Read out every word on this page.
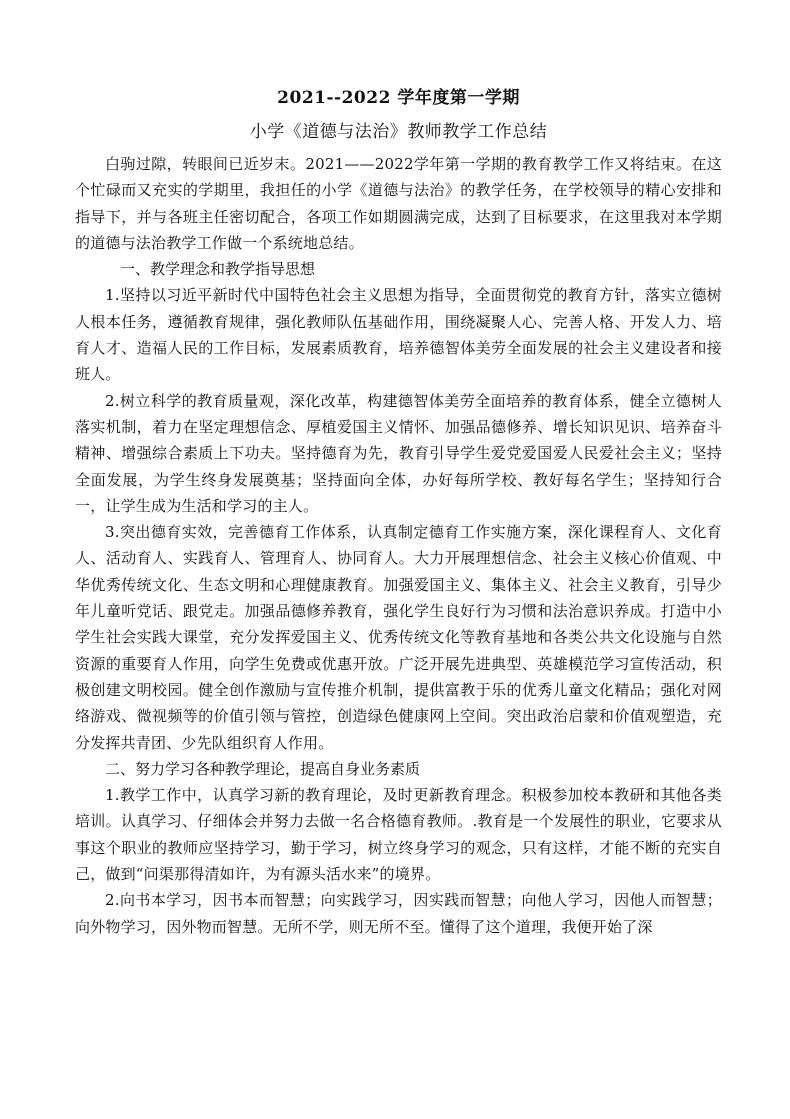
2021--2022 学年度第一学期
小学《道德与法治》教师教学工作总结

白驹过隙，转眼间已近岁末。2021——2022学年第一学期的教育教学工作又将结束。在这个忙碌而又充实的学期里，我担任的小学《道德与法治》的教学任务，在学校领导的精心安排和指导下，并与各班主任密切配合，各项工作如期圆满完成，达到了目标要求，在这里我对本学期的道德与法治教学工作做一个系统地总结。

一、教学理念和教学指导思想

1.坚持以习近平新时代中国特色社会主义思想为指导，全面贯彻党的教育方针，落实立德树人根本任务，遵循教育规律，强化教师队伍基础作用，围绕凝聚人心、完善人格、开发人力、培育人才、造福人民的工作目标，发展素质教育，培养德智体美劳全面发展的社会主义建设者和接班人。

2.树立科学的教育质量观，深化改革，构建德智体美劳全面培养的教育体系，健全立德树人落实机制，着力在坚定理想信念、厚植爱国主义情怀、加强品德修养、增长知识见识、培养奋斗精神、增强综合素质上下功夫。坚持德育为先，教育引导学生爱党爱国爱人民爱社会主义；坚持全面发展，为学生终身发展奠基；坚持面向全体，办好每所学校、教好每名学生；坚持知行合一，让学生成为生活和学习的主人。

3.突出德育实效，完善德育工作体系，认真制定德育工作实施方案，深化课程育人、文化育人、活动育人、实践育人、管理育人、协同育人。大力开展理想信念、社会主义核心价值观、中华优秀传统文化、生态文明和心理健康教育。加强爱国主义、集体主义、社会主义教育，引导少年儿童听党话、跟党走。加强品德修养教育，强化学生良好行为习惯和法治意识养成。打造中小学生社会实践大课堂，充分发挥爱国主义、优秀传统文化等教育基地和各类公共文化设施与自然资源的重要育人作用，向学生免费或优惠开放。广泛开展先进典型、英雄模范学习宣传活动，积极创建文明校园。健全创作激励与宣传推介机制，提供富教于乐的优秀儿童文化精品；强化对网络游戏、微视频等的价值引领与管控，创造绿色健康网上空间。突出政治启蒙和价值观塑造，充分发挥共青团、少先队组织育人作用。

二、努力学习各种教学理论，提高自身业务素质

1.教学工作中，认真学习新的教育理论，及时更新教育理念。积极参加校本教研和其他各类培训。认真学习、仔细体会并努力去做一名合格德育教师。.教育是一个发展性的职业，它要求从事这个职业的教师应坚持学习，勤于学习，树立终身学习的观念，只有这样，才能不断的充实自己，做到“问渠那得清如许，为有源头活水来”的境界。

2.向书本学习，因书本而智慧；向实践学习，因实践而智慧；向他人学习，因他人而智慧；向外物学习，因外物而智慧。无所不学，则无所不至。懂得了这个道理，我便开始了深
